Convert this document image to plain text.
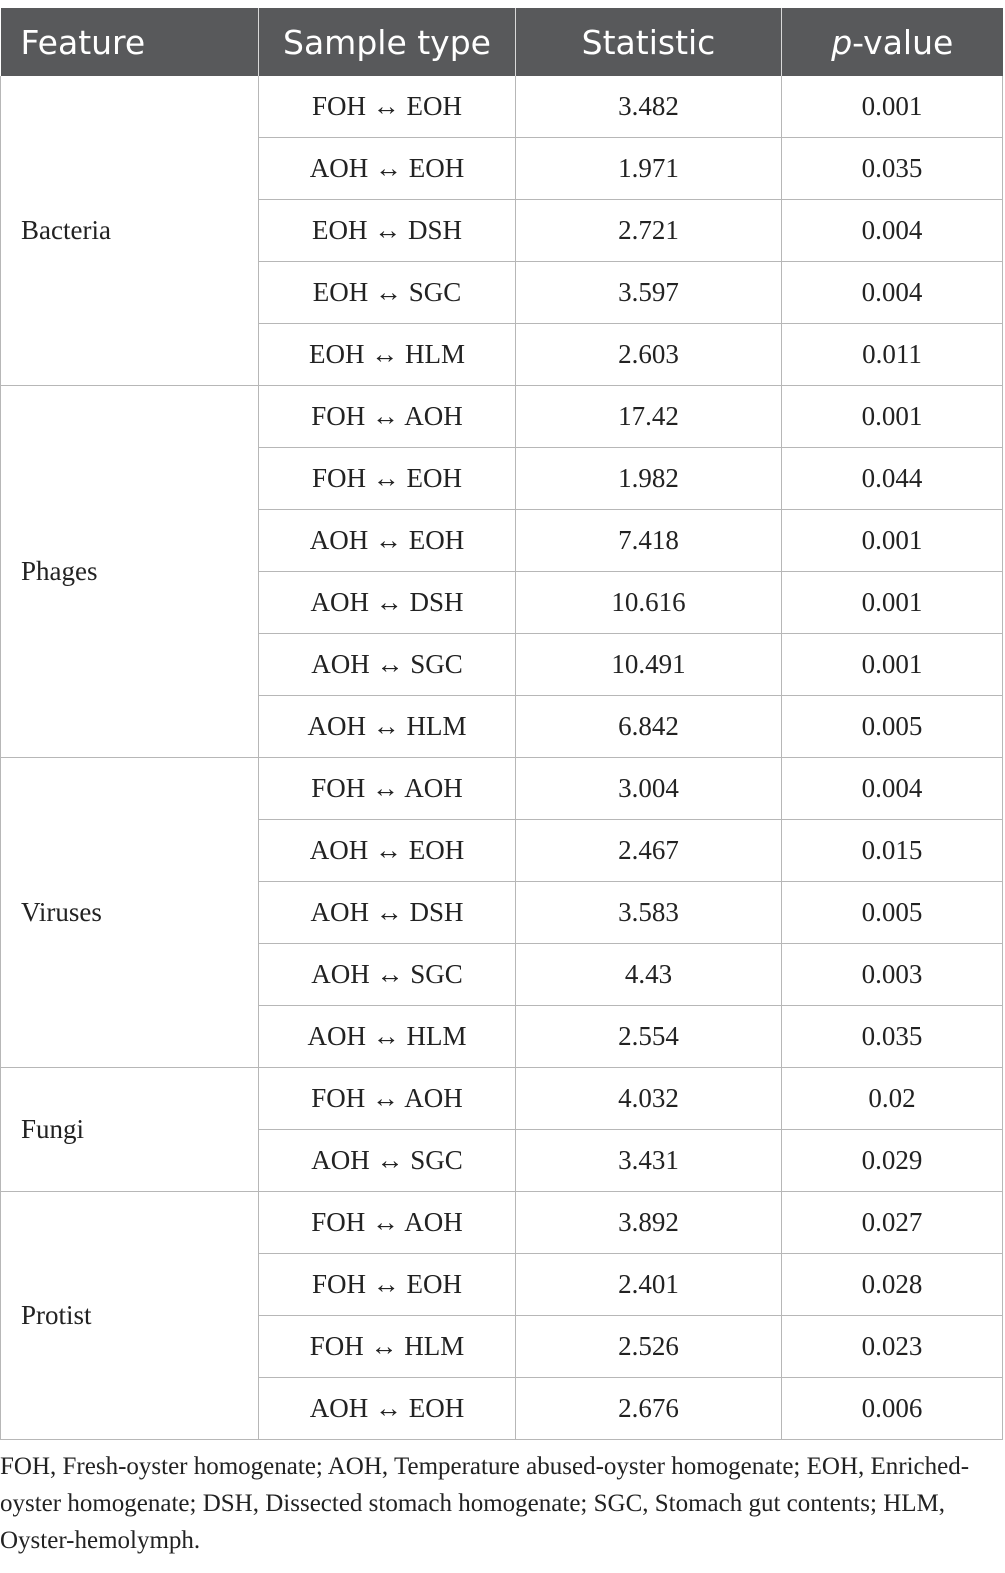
Feature	Sample type	Statistic	p-value
Bacteria	FOH ↔ EOH	3.482	0.001
	AOH ↔ EOH	1.971	0.035
	EOH ↔ DSH	2.721	0.004
	EOH ↔ SGC	3.597	0.004
	EOH ↔ HLM	2.603	0.011
Phages	FOH ↔ AOH	17.42	0.001
	FOH ↔ EOH	1.982	0.044
	AOH ↔ EOH	7.418	0.001
	AOH ↔ DSH	10.616	0.001
	AOH ↔ SGC	10.491	0.001
	AOH ↔ HLM	6.842	0.005
Viruses	FOH ↔ AOH	3.004	0.004
	AOH ↔ EOH	2.467	0.015
	AOH ↔ DSH	3.583	0.005
	AOH ↔ SGC	4.43	0.003
	AOH ↔ HLM	2.554	0.035
Fungi	FOH ↔ AOH	4.032	0.02
	AOH ↔ SGC	3.431	0.029
Protist	FOH ↔ AOH	3.892	0.027
	FOH ↔ EOH	2.401	0.028
	FOH ↔ HLM	2.526	0.023
	AOH ↔ EOH	2.676	0.006
FOH, Fresh-oyster homogenate; AOH, Temperature abused-oyster homogenate; EOH, Enriched-oyster homogenate; DSH, Dissected stomach homogenate; SGC, Stomach gut contents; HLM, Oyster-hemolymph.
